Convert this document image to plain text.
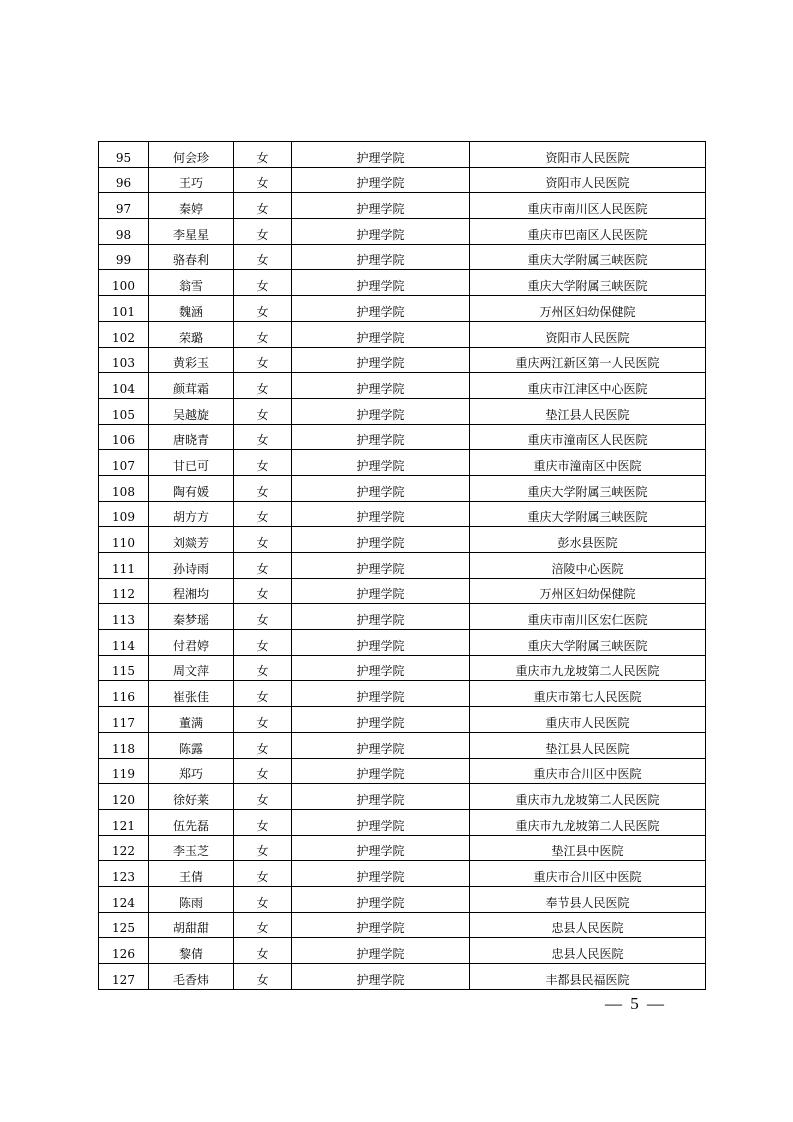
95	何会珍	女	护理学院	资阳市人民医院
96	王巧	女	护理学院	资阳市人民医院
97	秦婷	女	护理学院	重庆市南川区人民医院
98	李星星	女	护理学院	重庆市巴南区人民医院
99	骆春利	女	护理学院	重庆大学附属三峡医院
100	翁雪	女	护理学院	重庆大学附属三峡医院
101	魏涵	女	护理学院	万州区妇幼保健院
102	荣璐	女	护理学院	资阳市人民医院
103	黄彩玉	女	护理学院	重庆两江新区第一人民医院
104	颜茸霜	女	护理学院	重庆市江津区中心医院
105	吴越旋	女	护理学院	垫江县人民医院
106	唐晓青	女	护理学院	重庆市潼南区人民医院
107	甘已可	女	护理学院	重庆市潼南区中医院
108	陶有媛	女	护理学院	重庆大学附属三峡医院
109	胡方方	女	护理学院	重庆大学附属三峡医院
110	刘燚芳	女	护理学院	彭水县医院
111	孙诗雨	女	护理学院	涪陵中心医院
112	程湘均	女	护理学院	万州区妇幼保健院
113	秦梦瑶	女	护理学院	重庆市南川区宏仁医院
114	付君婷	女	护理学院	重庆大学附属三峡医院
115	周文萍	女	护理学院	重庆市九龙坡第二人民医院
116	崔张佳	女	护理学院	重庆市第七人民医院
117	董满	女	护理学院	重庆市人民医院
118	陈露	女	护理学院	垫江县人民医院
119	郑巧	女	护理学院	重庆市合川区中医院
120	徐好莱	女	护理学院	重庆市九龙坡第二人民医院
121	伍先磊	女	护理学院	重庆市九龙坡第二人民医院
122	李玉芝	女	护理学院	垫江县中医院
123	王倩	女	护理学院	重庆市合川区中医院
124	陈雨	女	护理学院	奉节县人民医院
125	胡甜甜	女	护理学院	忠县人民医院
126	黎倩	女	护理学院	忠县人民医院
127	毛香炜	女	护理学院	丰都县民福医院
— 5 —
